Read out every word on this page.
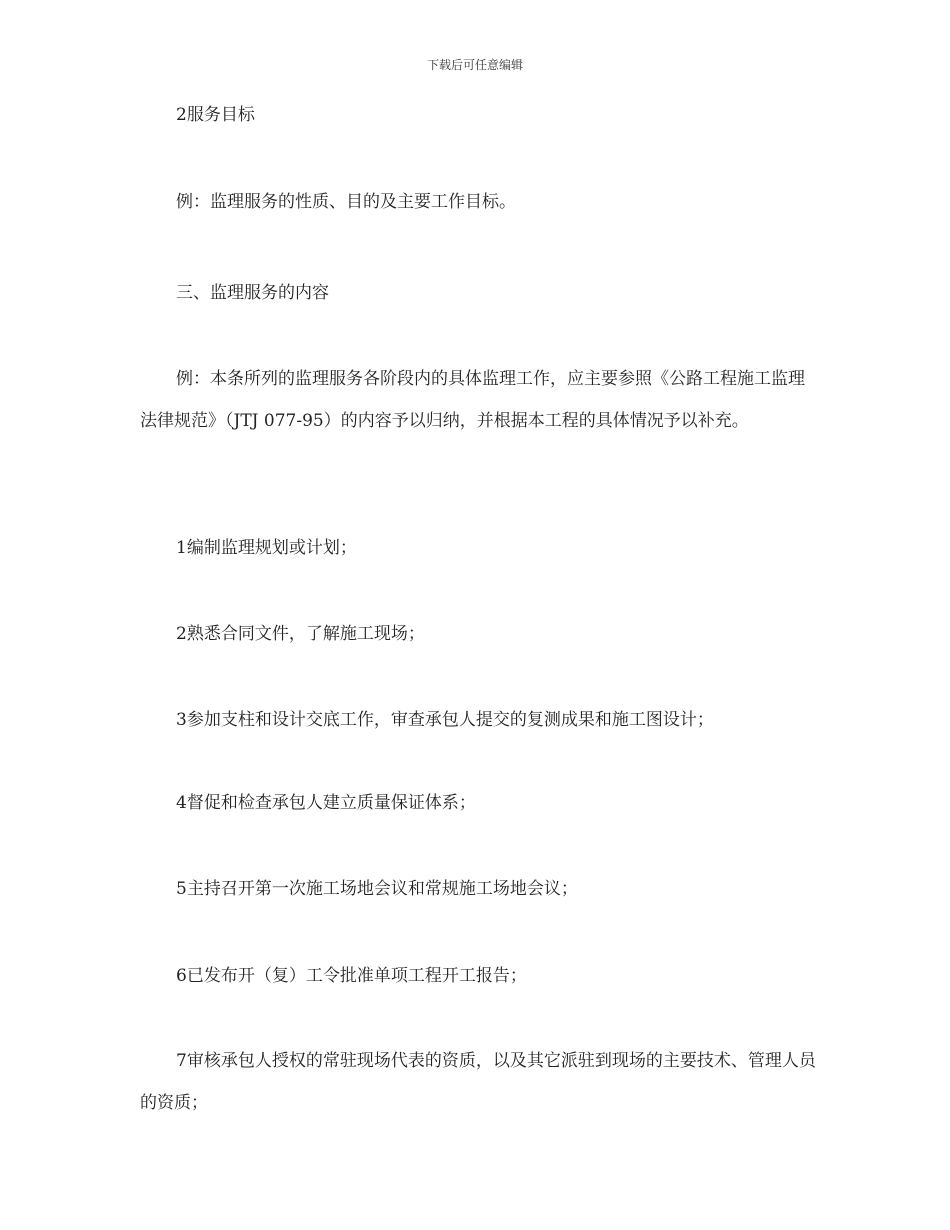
下载后可任意编辑

2服务目标

例：监理服务的性质、目的及主要工作目标。

三、监理服务的内容

例：本条所列的监理服务各阶段内的具体监理工作，应主要参照《公路工程施工监理法律规范》（JTJ 077-95）的内容予以归纳，并根据本工程的具体情况予以补充。

1编制监理规划或计划；

2熟悉合同文件，了解施工现场；

3参加支柱和设计交底工作，审查承包人提交的复测成果和施工图设计；

4督促和检查承包人建立质量保证体系；

5主持召开第一次施工场地会议和常规施工场地会议；

6已发布开（复）工令批准单项工程开工报告；

7审核承包人授权的常驻现场代表的资质，以及其它派驻到现场的主要技术、管理人员的资质；
